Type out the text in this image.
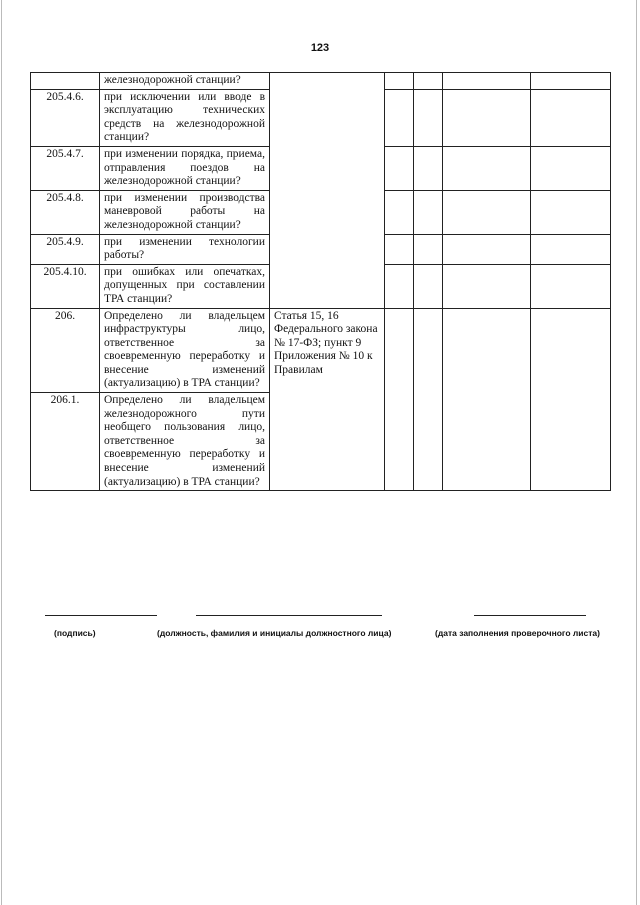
123
	железнодорожной станции?					
205.4.6.	при исключении или вводе в эксплуатацию технических средств на железнодорожной станции?					
205.4.7.	при изменении порядка, приема, отправления поездов на железнодорожной станции?					
205.4.8.	при изменении производства маневровой работы на железнодорожной станции?					
205.4.9.	при изменении технологии работы?					
205.4.10.	при ошибках или опечатках, допущенных при составлении ТРА станции?					
206.	Определено ли владельцем инфраструктуры лицо, ответственное за своевременную переработку и внесение изменений (актуализацию) в ТРА станции?	Статья 15, 16 Федерального закона № 17-ФЗ; пункт 9 Приложения № 10 к Правилам				
206.1.	Определено ли владельцем железнодорожного пути необщего пользования лицо, ответственное за своевременную переработку и внесение изменений (актуализацию) в ТРА станции?					
(подпись)	(должность, фамилия и инициалы должностного лица)	(дата заполнения проверочного листа)
